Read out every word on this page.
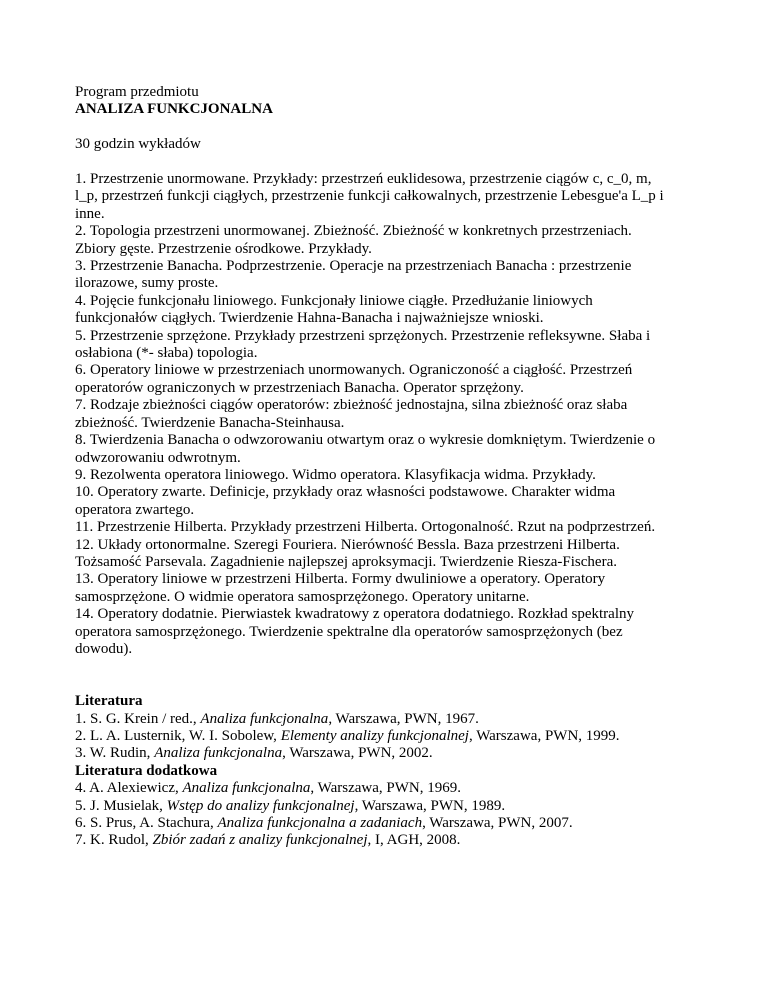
Program przedmiotu
ANALIZA FUNKCJONALNA
30 godzin wykładów
1. Przestrzenie unormowane. Przykłady: przestrzeń euklidesowa, przestrzenie ciągów c, c_0, m,
l_p, przestrzeń funkcji ciągłych, przestrzenie funkcji całkowalnych, przestrzenie Lebesgue'a L_p i
inne.
2. Topologia przestrzeni unormowanej. Zbieżność. Zbieżność w konkretnych przestrzeniach.
Zbiory gęste. Przestrzenie ośrodkowe. Przykłady.
3. Przestrzenie Banacha. Podprzestrzenie. Operacje na przestrzeniach Banacha : przestrzenie
ilorazowe, sumy proste.
4. Pojęcie funkcjonału liniowego. Funkcjonały liniowe ciągłe. Przedłużanie liniowych
funkcjonałów ciągłych. Twierdzenie Hahna-Banacha i najważniejsze wnioski.
5. Przestrzenie sprzężone. Przykłady przestrzeni sprzężonych. Przestrzenie refleksywne. Słaba i
osłabiona (*- słaba) topologia.
6. Operatory liniowe w przestrzeniach unormowanych. Ograniczoność a ciągłość. Przestrzeń
operatorów ograniczonych w przestrzeniach Banacha. Operator sprzężony.
7. Rodzaje zbieżności ciągów operatorów: zbieżność jednostajna, silna zbieżność oraz słaba
zbieżność. Twierdzenie Banacha-Steinhausa.
8. Twierdzenia Banacha o odwzorowaniu otwartym oraz o wykresie domkniętym. Twierdzenie o
odwzorowaniu odwrotnym.
9. Rezolwenta operatora liniowego. Widmo operatora. Klasyfikacja widma. Przykłady.
10. Operatory zwarte. Definicje, przykłady oraz własności podstawowe. Charakter widma
operatora zwartego.
11. Przestrzenie Hilberta. Przykłady przestrzeni Hilberta. Ortogonalność. Rzut na podprzestrzeń.
12. Układy ortonormalne. Szeregi Fouriera. Nierówność Bessla. Baza przestrzeni Hilberta.
Tożsamość Parsevala. Zagadnienie najlepszej aproksymacji. Twierdzenie Riesza-Fischera.
13. Operatory liniowe w przestrzeni Hilberta. Formy dwuliniowe a operatory. Operatory
samosprzężone. O widmie operatora samosprzężonego. Operatory unitarne.
14. Operatory dodatnie. Pierwiastek kwadratowy z operatora dodatniego. Rozkład spektralny
operatora samosprzężonego. Twierdzenie spektralne dla operatorów samosprzężonych (bez
dowodu).
Literatura
1. S. G. Krein / red., Analiza funkcjonalna, Warszawa, PWN, 1967.
2. L. A. Lusternik, W. I. Sobolew, Elementy analizy funkcjonalnej, Warszawa, PWN, 1999.
3. W. Rudin, Analiza funkcjonalna, Warszawa, PWN, 2002.
Literatura dodatkowa
4. A. Alexiewicz, Analiza funkcjonalna, Warszawa, PWN, 1969.
5. J. Musielak, Wstęp do analizy funkcjonalnej, Warszawa, PWN, 1989.
6. S. Prus, A. Stachura, Analiza funkcjonalna a zadaniach, Warszawa, PWN, 2007.
7. K. Rudol, Zbiór zadań z analizy funkcjonalnej, I, AGH, 2008.
